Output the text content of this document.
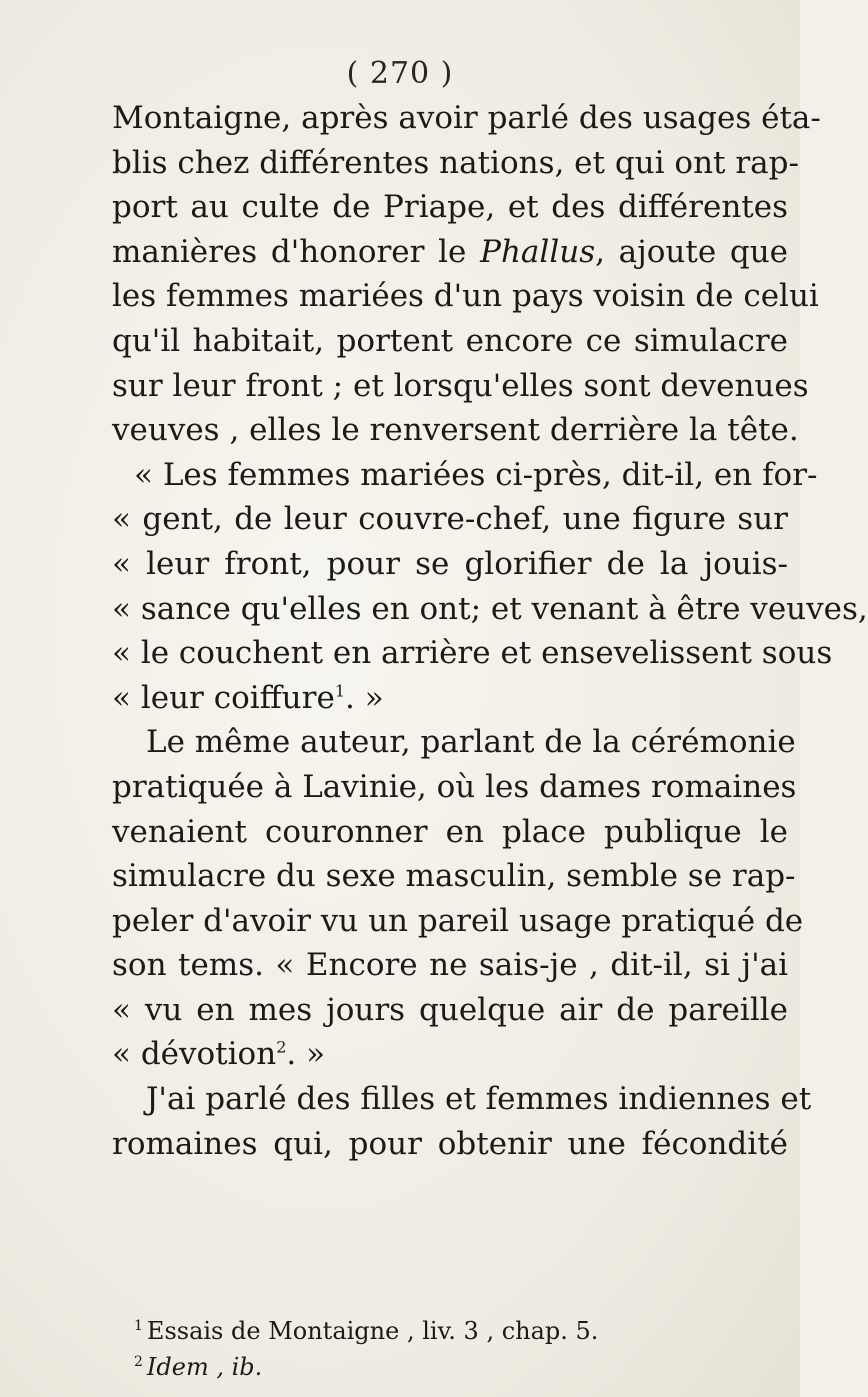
( 270 )
Montaigne, après avoir parlé des usages éta-
blis chez différentes nations, et qui ont rap-
port au culte de Priape, et des différentes
manières d'honorer le Phallus, ajoute que
les femmes mariées d'un pays voisin de celui
qu'il habitait, portent encore ce simulacre
sur leur front ; et lorsqu'elles sont devenues
veuves , elles le renversent derrière la tête.
« Les femmes mariées ci-près, dit-il, en for-
« gent, de leur couvre-chef, une figure sur
« leur front, pour se glorifier de la jouis-
« sance qu'elles en ont; et venant à être veuves,
« le couchent en arrière et ensevelissent sous
« leur coiffure$^1$. »
Le même auteur, parlant de la cérémonie
pratiquée à Lavinie, où les dames romaines
venaient couronner en place publique le
simulacre du sexe masculin, semble se rap-
peler d'avoir vu un pareil usage pratiqué de
son tems. « Encore ne sais-je , dit-il, si j'ai
« vu en mes jours quelque air de pareille
« dévotion$^2$. »
J'ai parlé des filles et femmes indiennes et
romaines qui, pour obtenir une fécondité
$^1$ Essais de Montaigne , liv. 3 , chap. 5.
$^2$ Idem , ib.
